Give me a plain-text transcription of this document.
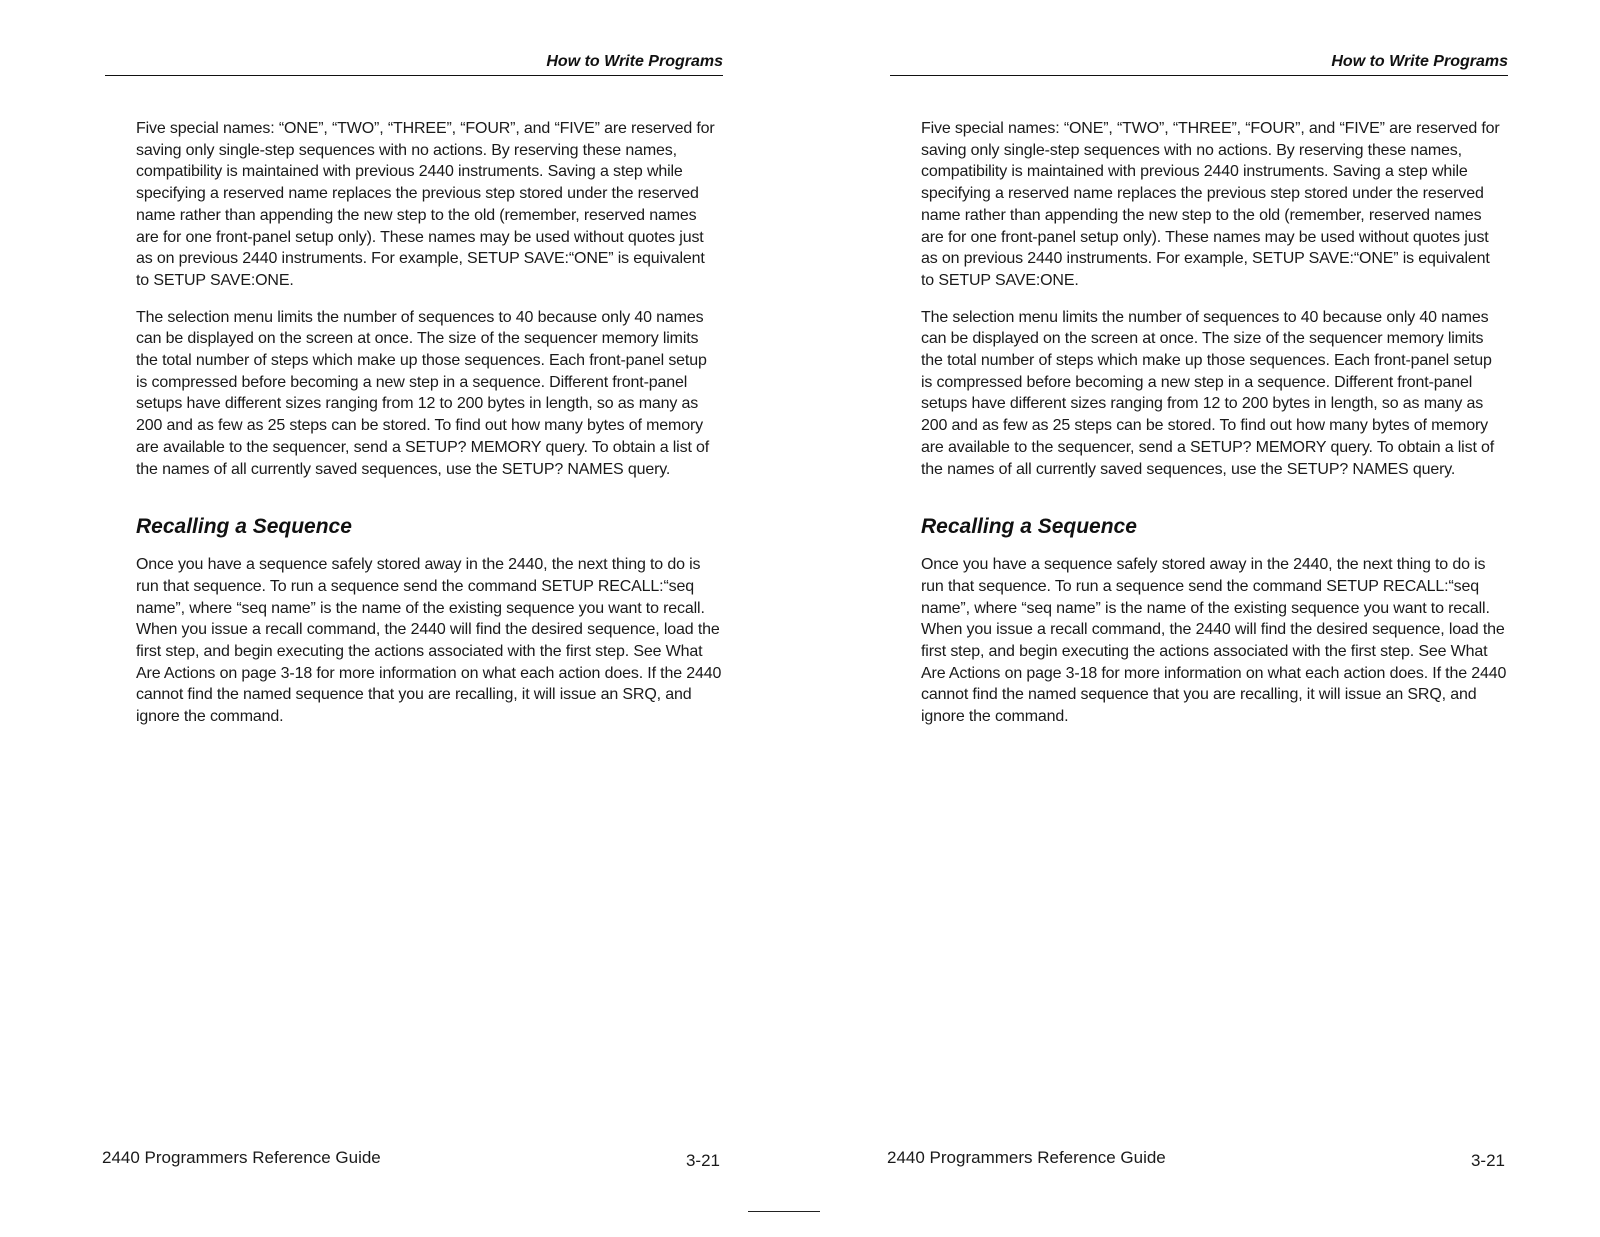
How to Write Programs

Five special names: “ONE”, “TWO”, “THREE”, “FOUR”, and “FIVE” are reserved for saving only single-step sequences with no actions. By reserving these names, compatibility is maintained with previous 2440 instruments. Saving a step while specifying a reserved name replaces the previous step stored under the reserved name rather than appending the new step to the old (remember, reserved names are for one front-panel setup only). These names may be used without quotes just as on previous 2440 instruments. For example, SETUP SAVE:“ONE” is equivalent to SETUP SAVE:ONE.

The selection menu limits the number of sequences to 40 because only 40 names can be displayed on the screen at once. The size of the sequencer memory limits the total number of steps which make up those sequences. Each front-panel setup is compressed before becoming a new step in a sequence. Different front-panel setups have different sizes ranging from 12 to 200 bytes in length, so as many as 200 and as few as 25 steps can be stored. To find out how many bytes of memory are available to the sequencer, send a SETUP? MEMORY query. To obtain a list of the names of all currently saved sequences, use the SETUP? NAMES query.

Recalling a Sequence

Once you have a sequence safely stored away in the 2440, the next thing to do is run that sequence. To run a sequence send the command SETUP RECALL:“seq name”, where “seq name” is the name of the existing sequence you want to recall. When you issue a recall command, the 2440 will find the desired sequence, load the first step, and begin executing the actions associated with the first step. See What Are Actions on page 3-18 for more information on what each action does. If the 2440 cannot find the named sequence that you are recalling, it will issue an SRQ, and ignore the command.

2440 Programmers Reference Guide	3-21
How to Write Programs

Five special names: “ONE”, “TWO”, “THREE”, “FOUR”, and “FIVE” are reserved for saving only single-step sequences with no actions. By reserving these names, compatibility is maintained with previous 2440 instruments. Saving a step while specifying a reserved name replaces the previous step stored under the reserved name rather than appending the new step to the old (remember, reserved names are for one front-panel setup only). These names may be used without quotes just as on previous 2440 instruments. For example, SETUP SAVE:“ONE” is equivalent to SETUP SAVE:ONE.

The selection menu limits the number of sequences to 40 because only 40 names can be displayed on the screen at once. The size of the sequencer memory limits the total number of steps which make up those sequences. Each front-panel setup is compressed before becoming a new step in a sequence. Different front-panel setups have different sizes ranging from 12 to 200 bytes in length, so as many as 200 and as few as 25 steps can be stored. To find out how many bytes of memory are available to the sequencer, send a SETUP? MEMORY query. To obtain a list of the names of all currently saved sequences, use the SETUP? NAMES query.

Recalling a Sequence

Once you have a sequence safely stored away in the 2440, the next thing to do is run that sequence. To run a sequence send the command SETUP RECALL:“seq name”, where “seq name” is the name of the existing sequence you want to recall. When you issue a recall command, the 2440 will find the desired sequence, load the first step, and begin executing the actions associated with the first step. See What Are Actions on page 3-18 for more information on what each action does. If the 2440 cannot find the named sequence that you are recalling, it will issue an SRQ, and ignore the command.

2440 Programmers Reference Guide	3-21
